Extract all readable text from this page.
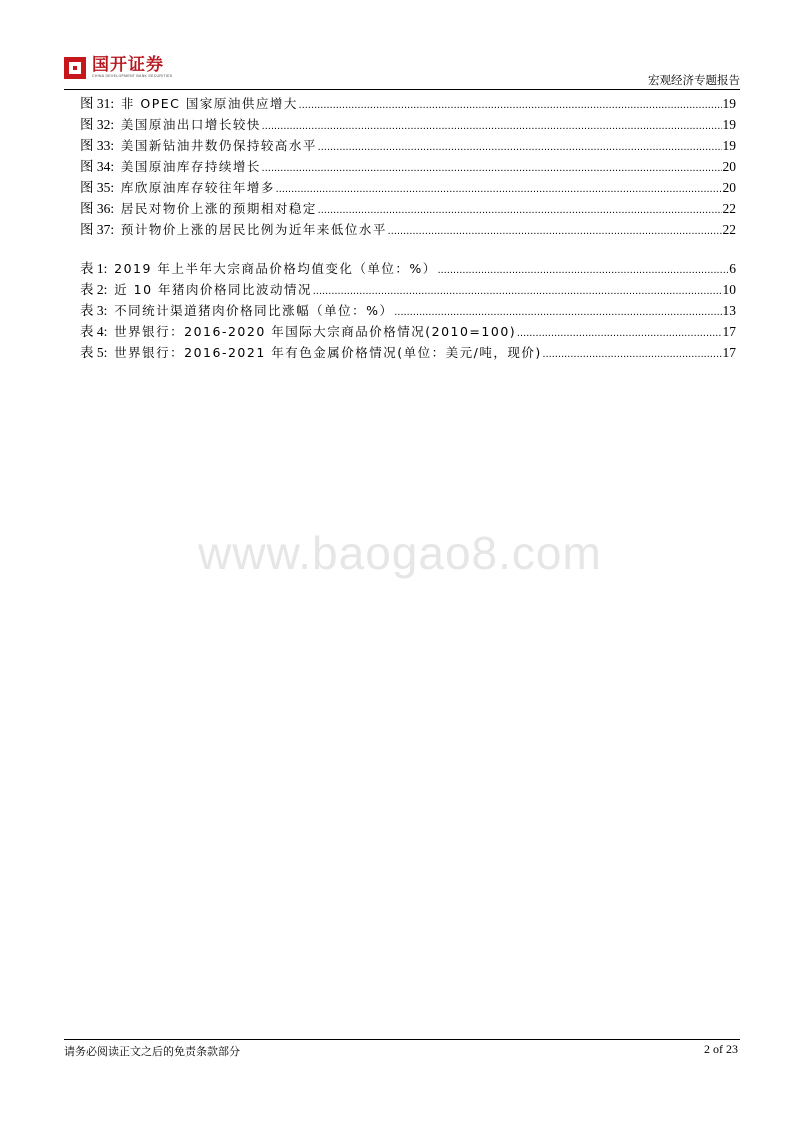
国开证券
CHINA DEVELOPMENT BANK SECURITIES	宏观经济专题报告
图 31: 非 OPEC 国家原油供应增大 .....	19
图 32: 美国原油出口增长较快 .....	19
图 33: 美国新钻油井数仍保持较高水平 .....	19
图 34: 美国原油库存持续增长 .....	20
图 35: 库欣原油库存较往年增多 .....	20
图 36: 居民对物价上涨的预期相对稳定 .....	22
图 37: 预计物价上涨的居民比例为近年来低位水平 .....	22
表 1: 2019 年上半年大宗商品价格均值变化（单位：%） .....	6
表 2: 近 10 年猪肉价格同比波动情况 .....	10
表 3: 不同统计渠道猪肉价格同比涨幅（单位：%） .....	13
表 4: 世界银行：2016-2020 年国际大宗商品价格情况(2010=100) .....	17
表 5: 世界银行：2016-2021 年有色金属价格情况(单位：美元/吨，现价) .....	17
www.baogao8.com
请务必阅读正文之后的免责条款部分	2 of 23
